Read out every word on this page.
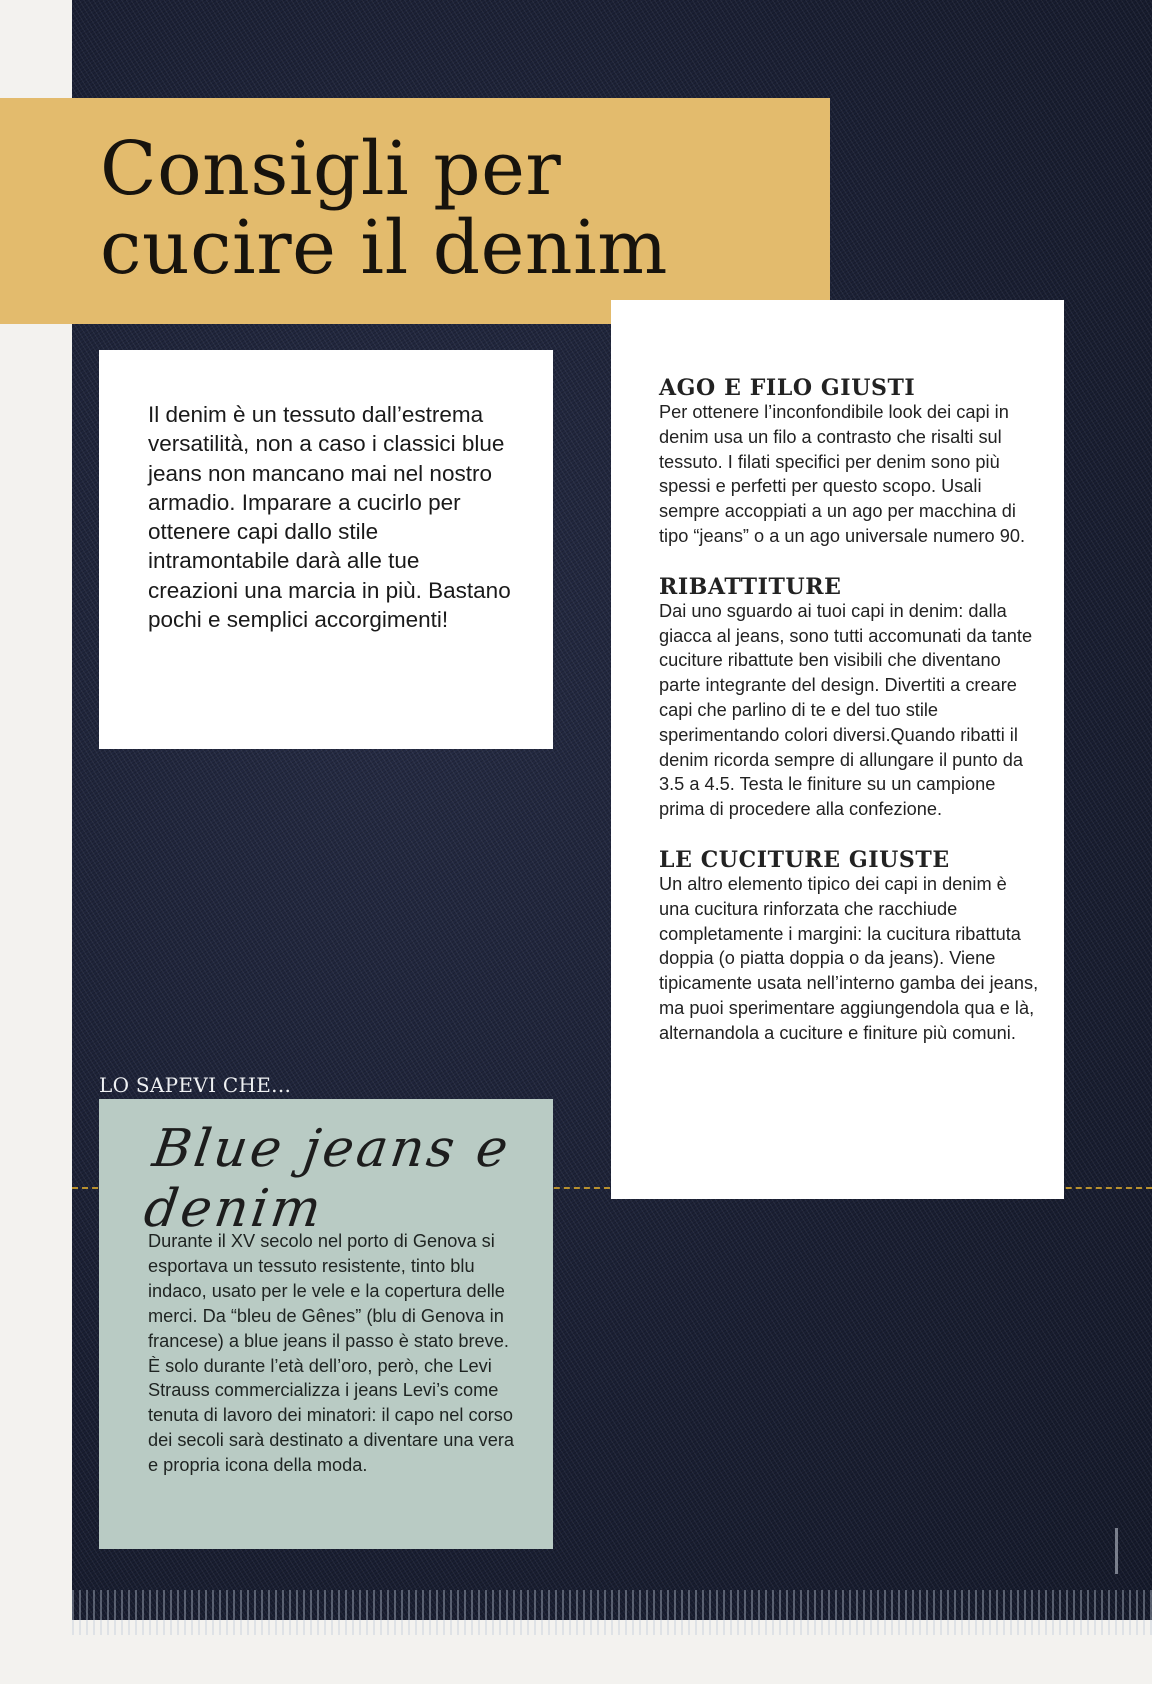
Consigli per
cucire il denim

Il denim è un tessuto dall’estrema versatilità, non a caso i classici blue jeans non mancano mai nel nostro armadio. Imparare a cucirlo per ottenere capi dallo stile intramontabile darà alle tue creazioni una marcia in più. Bastano pochi e semplici accorgimenti!

AGO E FILO GIUSTI

Per ottenere l’inconfondibile look dei capi in denim usa un filo a contrasto che risalti sul tessuto. I filati specifici per denim sono più spessi e perfetti per questo scopo. Usali sempre accoppiati a un ago per macchina di tipo “jeans” o a un ago universale numero 90.

RIBATTITURE

Dai uno sguardo ai tuoi capi in denim: dalla giacca al jeans, sono tutti accomunati da tante cuciture ribattute ben visibili che diventano parte integrante del design. Divertiti a creare capi che parlino di te e del tuo stile sperimentando colori diversi.Quando ribatti il denim ricorda sempre di allungare il punto da 3.5 a 4.5. Testa le finiture su un campione prima di procedere alla confezione.

LE CUCITURE GIUSTE

Un altro elemento tipico dei capi in denim è una cucitura rinforzata che racchiude completamente i margini: la cucitura ribattuta doppia (o piatta doppia o da jeans). Viene tipicamente usata nell’interno gamba dei jeans, ma puoi sperimentare aggiungendola qua e là, alternandola a cuciture e finiture più comuni.

LO SAPEVI CHE...

Blue jeans e denim

Durante il XV secolo nel porto di Genova si esportava un tessuto resistente, tinto blu indaco, usato per le vele e la copertura delle merci. Da “bleu de Gênes” (blu di Genova in francese) a blue jeans il passo è stato breve. È solo durante l’età dell’oro, però, che Levi Strauss commercializza i jeans Levi’s come tenuta di lavoro dei minatori: il capo nel corso dei secoli sarà destinato a diventare una vera e propria icona della moda.
